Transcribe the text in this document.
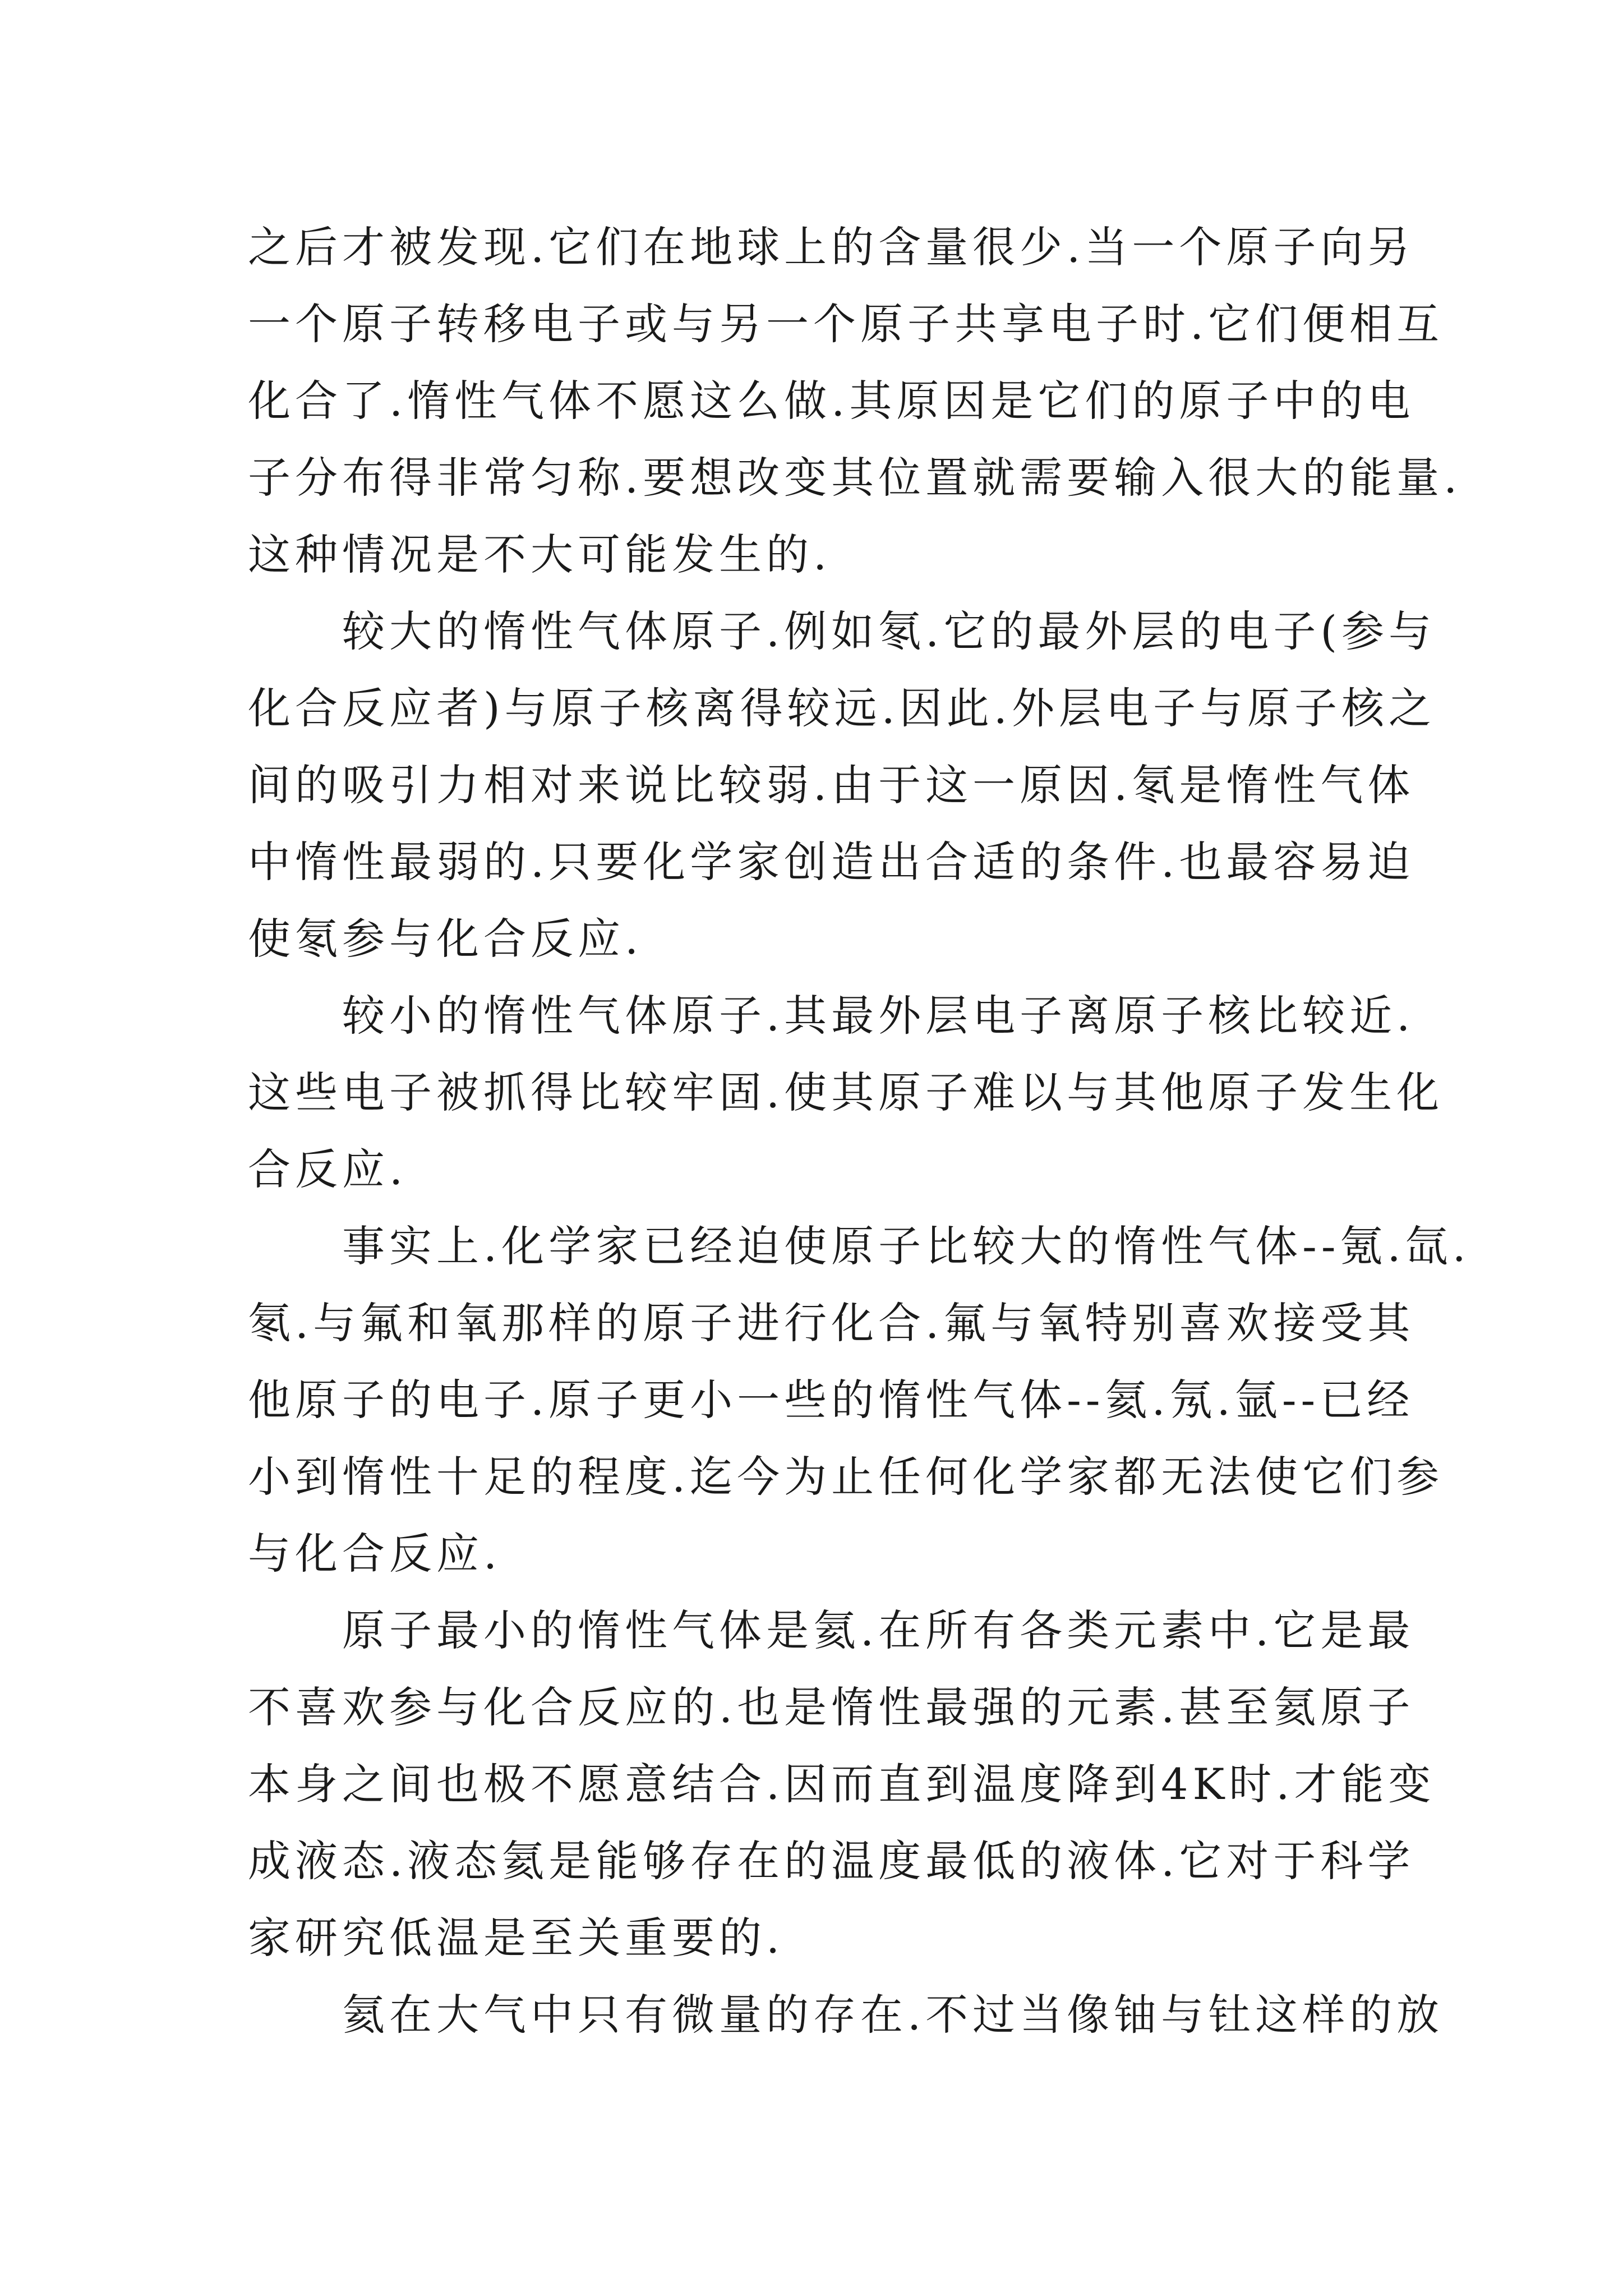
之后才被发现.它们在地球上的含量很少.当一个原子向另
一个原子转移电子或与另一个原子共享电子时.它们便相互
化合了.惰性气体不愿这么做.其原因是它们的原子中的电
子分布得非常匀称.要想改变其位置就需要输入很大的能量.
这种情况是不大可能发生的.

较大的惰性气体原子.例如氡.它的最外层的电子(参与
化合反应者)与原子核离得较远.因此.外层电子与原子核之
间的吸引力相对来说比较弱.由于这一原因.氡是惰性气体
中惰性最弱的.只要化学家创造出合适的条件.也最容易迫
使氡参与化合反应.

较小的惰性气体原子.其最外层电子离原子核比较近.
这些电子被抓得比较牢固.使其原子难以与其他原子发生化
合反应.

事实上.化学家已经迫使原子比较大的惰性气体--氪.氙.
氡.与氟和氧那样的原子进行化合.氟与氧特别喜欢接受其
他原子的电子.原子更小一些的惰性气体--氦.氖.氩--已经
小到惰性十足的程度.迄今为止任何化学家都无法使它们参
与化合反应.

原子最小的惰性气体是氦.在所有各类元素中.它是最
不喜欢参与化合反应的.也是惰性最强的元素.甚至氦原子
本身之间也极不愿意结合.因而直到温度降到4K时.才能变
成液态.液态氦是能够存在的温度最低的液体.它对于科学
家研究低温是至关重要的.

氦在大气中只有微量的存在.不过当像铀与钍这样的放
